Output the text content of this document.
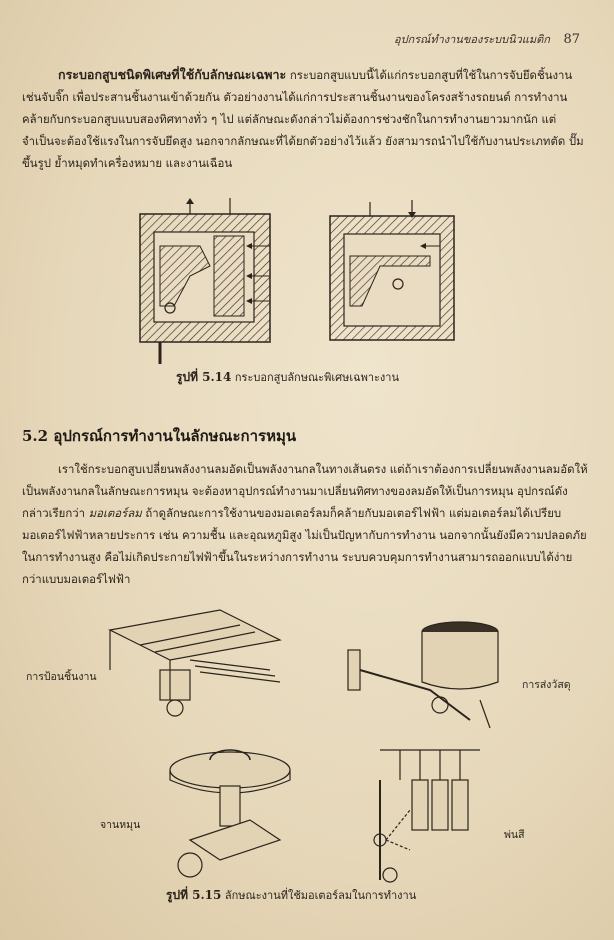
อุปกรณ์ทำงานของระบบนิวแมติก 87

กระบอกสูบชนิดพิเศษที่ใช้กับลักษณะเฉพาะ กระบอกสูบแบบนี้ได้แก่กระบอกสูบที่ใช้ในการจับยึดชิ้นงาน เช่นจับจิ๊ก เพื่อประสานชิ้นงานเข้าด้วยกัน ตัวอย่างงานได้แก่การประสานชิ้นงานของโครงสร้างรถยนต์ การทำงานคล้ายกับกระบอกสูบแบบสองทิศทางทั่ว ๆ ไป แต่ลักษณะดังกล่าวไม่ต้องการช่วงชักในการทำงานยาวมากนัก แต่จำเป็นจะต้องใช้แรงในการจับยึดสูง นอกจากลักษณะที่ได้ยกตัวอย่างไว้แล้ว ยังสามารถนำไปใช้กับงานประเภทตัด ปั๊มขึ้นรูป ย้ำหมุดทำเครื่องหมาย และงานเฉือน

รูปที่ 5.14 กระบอกสูบลักษณะพิเศษเฉพาะงาน
5.2 อุปกรณ์การทำงานในลักษณะการหมุน

เราใช้กระบอกสูบเปลี่ยนพลังงานลมอัดเป็นพลังงานกลในทางเส้นตรง แต่ถ้าเราต้องการเปลี่ยนพลังงานลมอัดให้เป็นพลังงานกลในลักษณะการหมุน จะต้องหาอุปกรณ์ทำงานมาเปลี่ยนทิศทางของลมอัดให้เป็นการหมุน อุปกรณ์ดังกล่าวเรียกว่า มอเตอร์ลม ถ้าดูลักษณะการใช้งานของมอเตอร์ลมก็คล้ายกับมอเตอร์ไฟฟ้า แต่มอเตอร์ลมได้เปรียบมอเตอร์ไฟฟ้าหลายประการ เช่น ความชื้น และอุณหภูมิสูง ไม่เป็นปัญหากับการทำงาน นอกจากนั้นยังมีความปลอดภัยในการทำงานสูง คือไม่เกิดประกายไฟฟ้าขึ้นในระหว่างการทำงาน ระบบควบคุมการทำงานสามารถออกแบบได้ง่ายกว่าแบบมอเตอร์ไฟฟ้า

การป้อนชิ้นงาน
การส่งวัสดุ
จานหมุน
พ่นสี
รูปที่ 5.15 ลักษณะงานที่ใช้มอเตอร์ลมในการทำงาน
